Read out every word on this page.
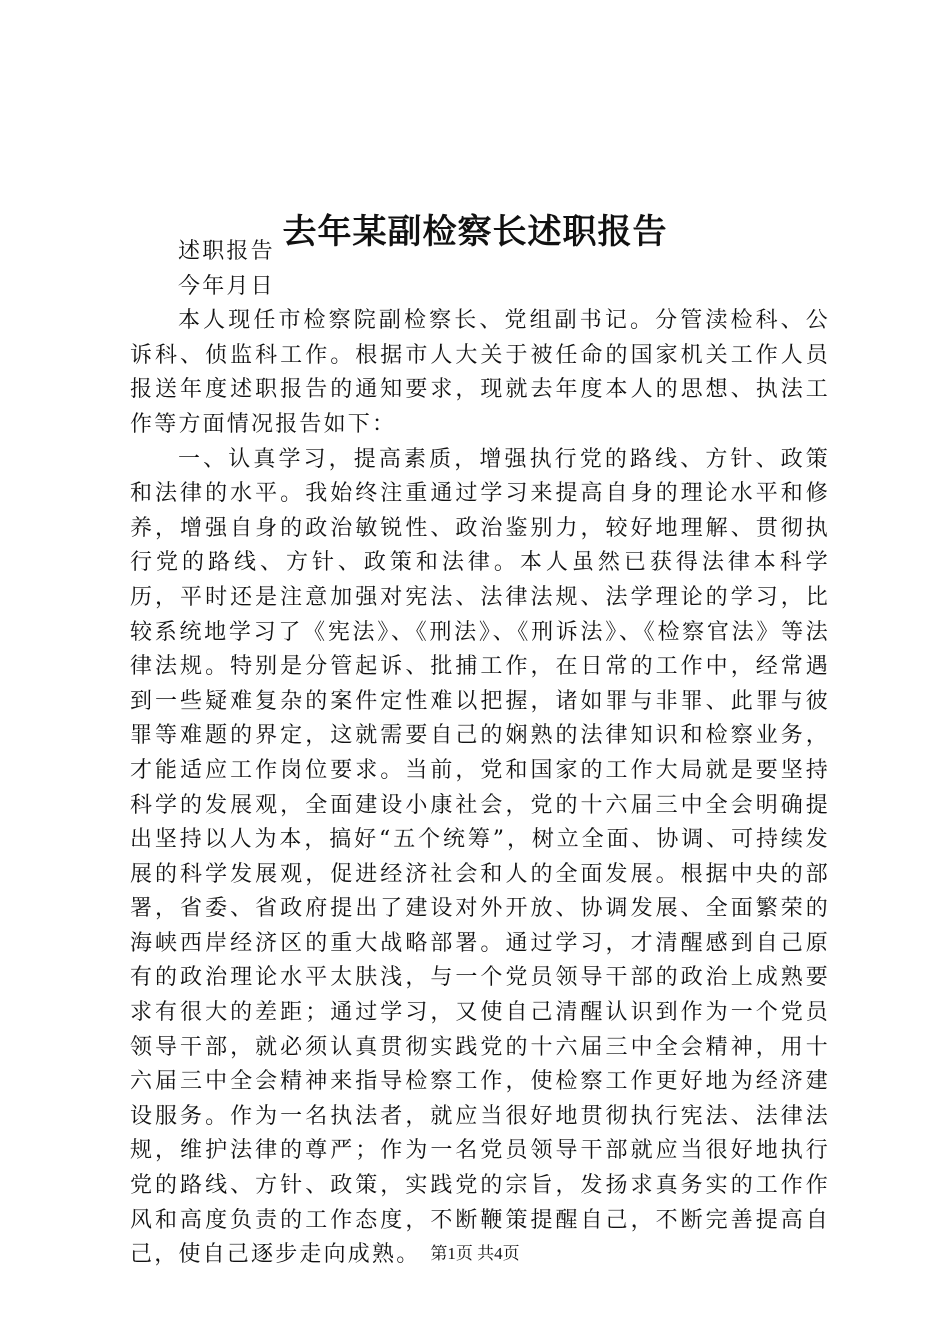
去年某副检察长述职报告

述职报告

今年月日

本人现任市检察院副检察长、党组副书记。分管渎检科、公诉科、侦监科工作。根据市人大关于被任命的国家机关工作人员报送年度述职报告的通知要求，现就去年度本人的思想、执法工作等方面情况报告如下：

一、认真学习，提高素质，增强执行党的路线、方针、政策和法律的水平。我始终注重通过学习来提高自身的理论水平和修养，增强自身的政治敏锐性、政治鉴别力，较好地理解、贯彻执行党的路线、方针、政策和法律。本人虽然已获得法律本科学历，平时还是注意加强对宪法、法律法规、法学理论的学习，比较系统地学习了《宪法》、《刑法》、《刑诉法》、《检察官法》等法律法规。特别是分管起诉、批捕工作，在日常的工作中，经常遇到一些疑难复杂的案件定性难以把握，诸如罪与非罪、此罪与彼罪等难题的界定，这就需要自己的娴熟的法律知识和检察业务，才能适应工作岗位要求。当前，党和国家的工作大局就是要坚持科学的发展观，全面建设小康社会，党的十六届三中全会明确提出坚持以人为本，搞好“五个统筹”，树立全面、协调、可持续发展的科学发展观，促进经济社会和人的全面发展。根据中央的部署，省委、省政府提出了建设对外开放、协调发展、全面繁荣的海峡西岸经济区的重大战略部署。通过学习，才清醒感到自己原有的政治理论水平太肤浅，与一个党员领导干部的政治上成熟要求有很大的差距；通过学习，又使自己清醒认识到作为一个党员领导干部，就必须认真贯彻实践党的十六届三中全会精神，用十六届三中全会精神来指导检察工作，使检察工作更好地为经济建设服务。作为一名执法者，就应当很好地贯彻执行宪法、法律法规，维护法律的尊严；作为一名党员领导干部就应当很好地执行党的路线、方针、政策，实践党的宗旨，发扬求真务实的工作作风和高度负责的工作态度，不断鞭策提醒自己，不断完善提高自己，使自己逐步走向成熟。 第1页 共4页
